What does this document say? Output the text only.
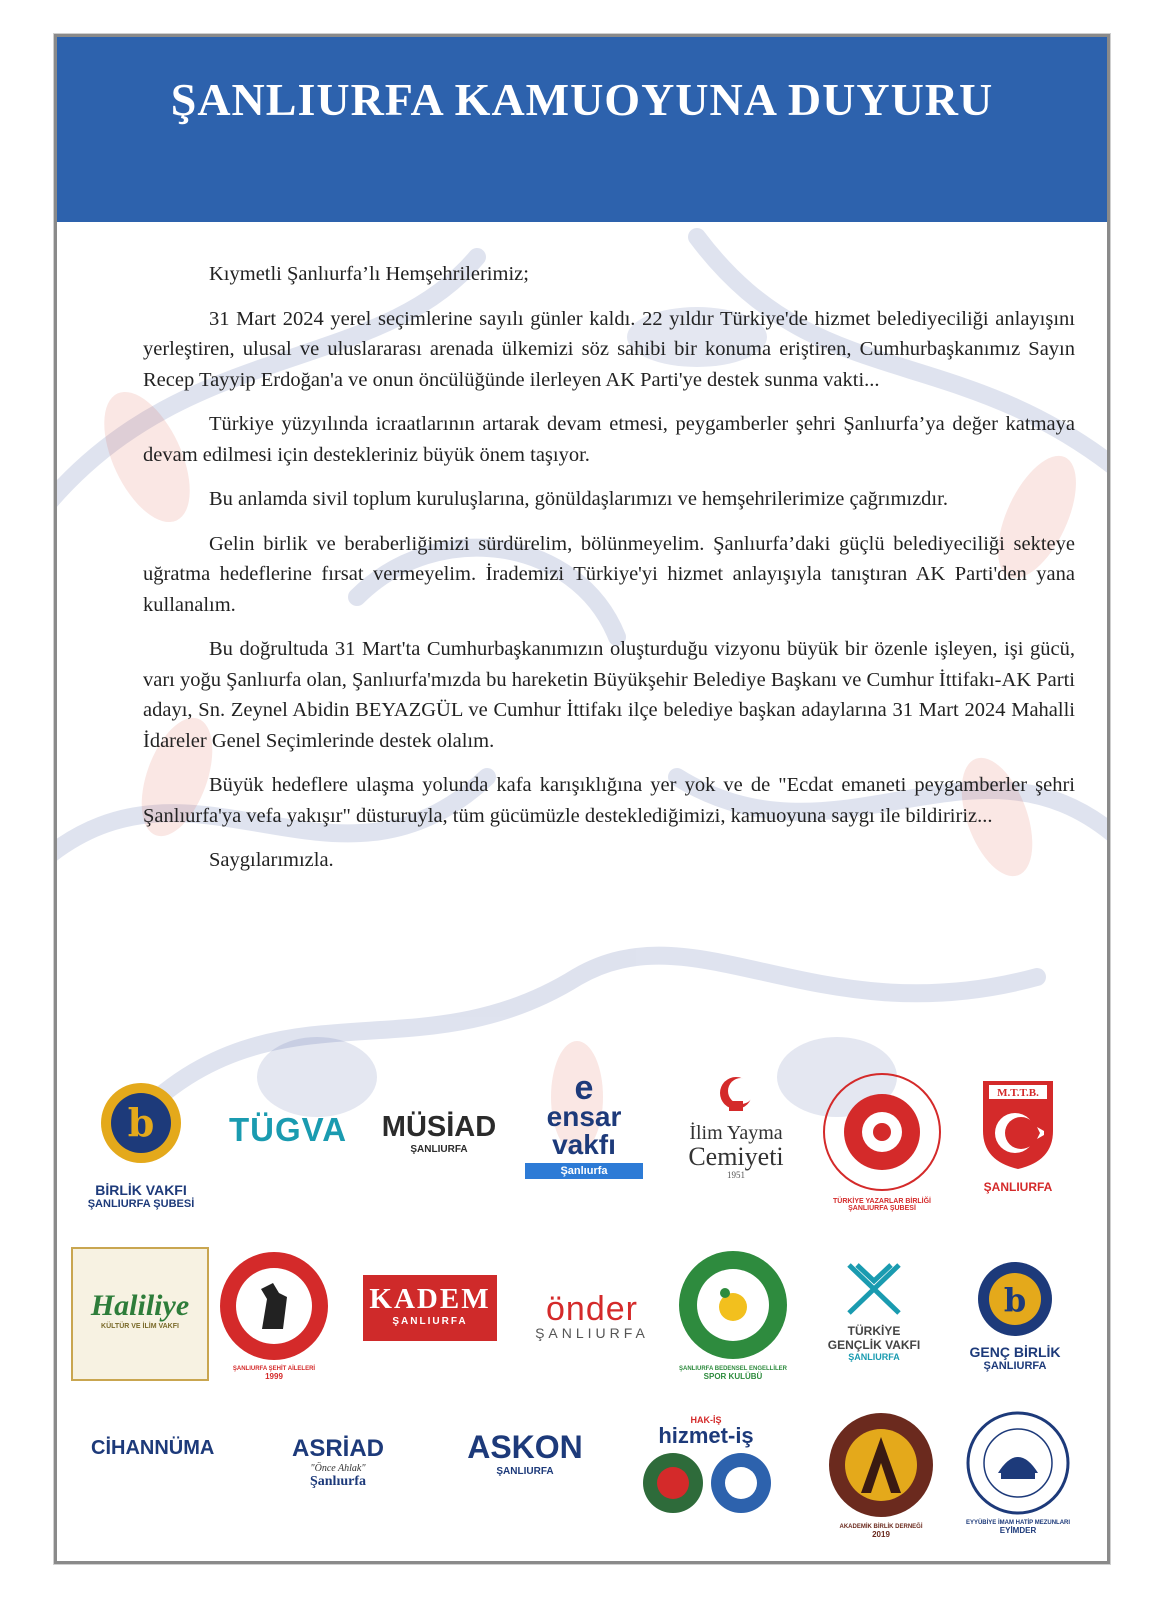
ŞANLIURFA KAMUOYUNA DUYURU

Kıymetli Şanlıurfa’lı Hemşehrilerimiz;

31 Mart 2024 yerel seçimlerine sayılı günler kaldı. 22 yıldır Türkiye'de hizmet belediyeciliği anlayışını yerleştiren, ulusal ve uluslararası arenada ülkemizi söz sahibi bir konuma eriştiren, Cumhurbaşkanımız Sayın Recep Tayyip Erdoğan'a ve onun öncülüğünde ilerleyen AK Parti'ye destek sunma vakti...

Türkiye yüzyılında icraatlarının artarak devam etmesi, peygamberler şehri Şanlıurfa’ya değer katmaya devam edilmesi için destekleriniz büyük önem taşıyor.

Bu anlamda sivil toplum kuruluşlarına, gönüldaşlarımızı ve hemşehrilerimize çağrımızdır.

Gelin birlik ve beraberliğimizi sürdürelim, bölünmeyelim. Şanlıurfa’daki güçlü belediyeciliği sekteye uğratma hedeflerine fırsat vermeyelim. İrademizi Türkiye'yi hizmet anlayışıyla tanıştıran AK Parti'den yana kullanalım.

Bu doğrultuda 31 Mart'ta Cumhurbaşkanımızın oluşturduğu vizyonu büyük bir özenle işleyen, işi gücü, varı yoğu Şanlıurfa olan, Şanlıurfa'mızda bu hareketin Büyükşehir Belediye Başkanı ve Cumhur İttifakı-AK Parti adayı, Sn. Zeynel Abidin BEYAZGÜL ve Cumhur İttifakı ilçe belediye başkan adaylarına 31 Mart 2024 Mahalli İdareler Genel Seçimlerinde destek olalım.

Büyük hedeflere ulaşma yolunda kafa karışıklığına yer yok ve de "Ecdat emaneti peygamberler şehri Şanlıurfa'ya vefa yakışır" düsturuyla, tüm gücümüzle desteklediğimizi, kamuoyuna saygı ile bildiririz...

Saygılarımızla.

b
BİRLİK VAKFI
ŞANLIURFA ŞUBESİ
TÜGVA	MÜSİAD
ŞANLIURFA
e
ensar
vakfı
Şanlıurfa
İlim Yayma
Cemiyeti
1951
TÜRKİYE YAZARLAR BİRLİĞİ
ŞANLIURFA ŞUBESİ
M.T.T.B.
ŞANLIURFA
Haliliye
KÜLTÜR VE İLİM VAKFI
ŞANLIURFA ŞEHİT AİLELERİ
1999
KADEM
ŞANLIURFA	önder
ŞANLIURFA
ŞANLIURFA BEDENSEL ENGELLİLER
SPOR KULÜBÜ
TÜRKİYE
GENÇLİK VAKFI
ŞANLIURFA
b
GENÇ BİRLİK
ŞANLIURFA
CİHANNÜMA	ASRİAD
"Önce Ahlak"
Şanlıurfa
ASKON
ŞANLIURFA
HAK-İŞ
hizmet-iş
AKADEMİK BİRLİK DERNEĞİ
2019
EYYÜBİYE İMAM HATİP MEZUNLARI
EYİMDER
